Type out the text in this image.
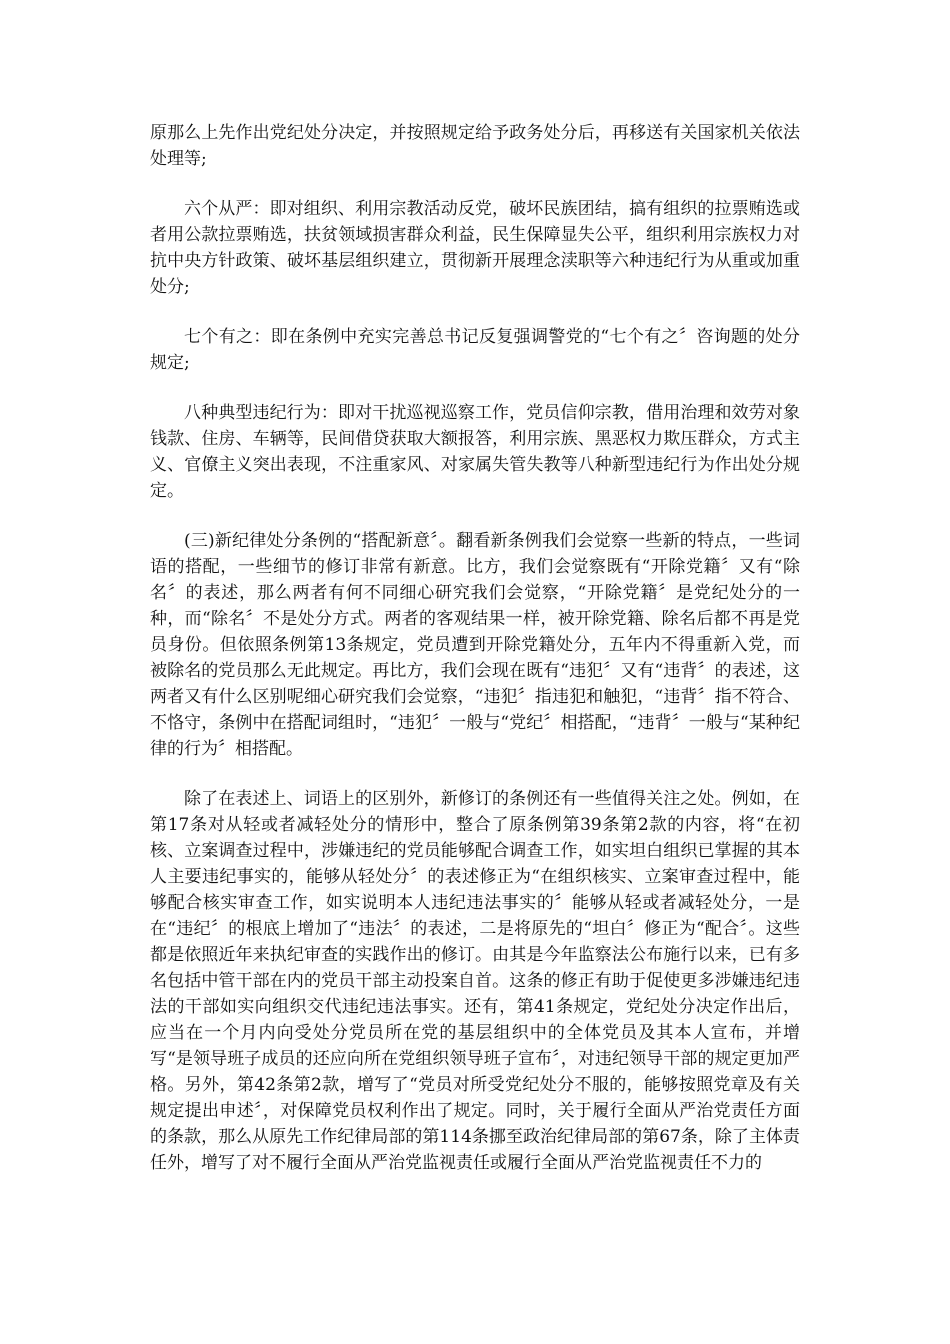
原那么上先作出党纪处分决定，并按照规定给予政务处分后，再移送有关国家机关依法处理等;

六个从严：即对组织、利用宗教活动反党，破坏民族团结，搞有组织的拉票贿选或者用公款拉票贿选，扶贫领域损害群众利益，民生保障显失公平，组织利用宗族权力对抗中央方针政策、破坏基层组织建立，贯彻新开展理念渎职等六种违纪行为从重或加重处分;

七个有之：即在条例中充实完善总书记反复强调警党的“七个有之〞咨询题的处分规定;

八种典型违纪行为：即对干扰巡视巡察工作，党员信仰宗教，借用治理和效劳对象钱款、住房、车辆等，民间借贷获取大额报答，利用宗族、黑恶权力欺压群众，方式主义、官僚主义突出表现，不注重家风、对家属失管失教等八种新型违纪行为作出处分规定。

(三)新纪律处分条例的“搭配新意〞。翻看新条例我们会觉察一些新的特点，一些词语的搭配，一些细节的修订非常有新意。比方，我们会觉察既有“开除党籍〞又有“除名〞的表述，那么两者有何不同细心研究我们会觉察，“开除党籍〞是党纪处分的一种，而“除名〞不是处分方式。两者的客观结果一样，被开除党籍、除名后都不再是党员身份。但依照条例第13条规定，党员遭到开除党籍处分，五年内不得重新入党，而被除名的党员那么无此规定。再比方，我们会现在既有“违犯〞又有“违背〞的表述，这两者又有什么区别呢细心研究我们会觉察，“违犯〞指违犯和触犯，“违背〞指不符合、不恪守，条例中在搭配词组时，“违犯〞一般与“党纪〞相搭配，“违背〞一般与“某种纪律的行为〞相搭配。

除了在表述上、词语上的区别外，新修订的条例还有一些值得关注之处。例如，在第17条对从轻或者减轻处分的情形中，整合了原条例第39条第2款的内容，将“在初核、立案调查过程中，涉嫌违纪的党员能够配合调查工作，如实坦白组织已掌握的其本人主要违纪事实的，能够从轻处分〞的表述修正为“在组织核实、立案审查过程中，能够配合核实审查工作，如实说明本人违纪违法事实的〞能够从轻或者减轻处分，一是在“违纪〞的根底上增加了“违法〞的表述，二是将原先的“坦白〞修正为“配合〞。这些都是依照近年来执纪审查的实践作出的修订。由其是今年监察法公布施行以来，已有多名包括中管干部在内的党员干部主动投案自首。这条的修正有助于促使更多涉嫌违纪违法的干部如实向组织交代违纪违法事实。还有，第41条规定，党纪处分决定作出后，应当在一个月内向受处分党员所在党的基层组织中的全体党员及其本人宣布，并增写“是领导班子成员的还应向所在党组织领导班子宣布〞，对违纪领导干部的规定更加严格。另外，第42条第2款，增写了“党员对所受党纪处分不服的，能够按照党章及有关规定提出申述〞，对保障党员权利作出了规定。同时，关于履行全面从严治党责任方面的条款，那么从原先工作纪律局部的第114条挪至政治纪律局部的第67条，除了主体责任外，增写了对不履行全面从严治党监视责任或履行全面从严治党监视责任不力的
